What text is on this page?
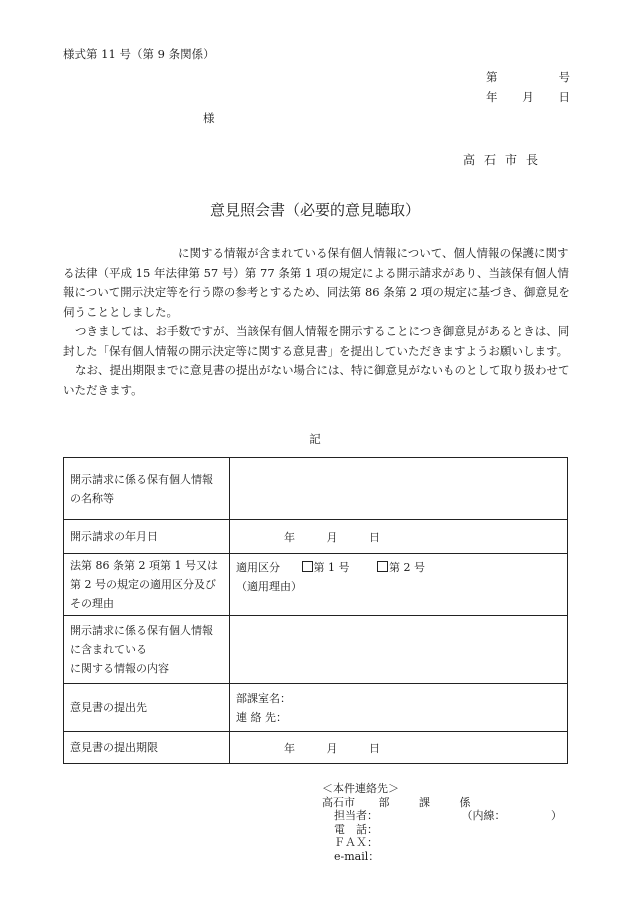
様式第 11 号（第 9 条関係）
第	号
年 月 日
様
高石市長
意見照会書（必要的意見聴取）

に関する情報が含まれている保有個人情報について、個人情報の保護に関する法律（平成 15 年法律第 57 号）第 77 条第 1 項の規定による開示請求があり、当該保有個人情報について開示決定等を行う際の参考とするため、同法第 86 条第 2 項の規定に基づき、御意見を伺うこととしました。

つきましては、お手数ですが、当該保有個人情報を開示することにつき御意見があるときは、同封した「保有個人情報の開示決定等に関する意見書」を提出していただきますようお願いします。

なお、提出期限までに意見書の提出がない場合には、特に御意見がないものとして取り扱わせていただきます。

記
開示請求に係る保有個人情報の名称等	
開示請求の年月日	年 月 日
法第 86 条第 2 項第 1 号又は第 2 号の規定の適用区分及びその理由	適用区分 第 1 号 第 2 号
（適用理由）

開示請求に係る保有個人情報
に含まれている
に関する情報の内容	

意見書の提出先	部課室名：
連 絡 先：

意見書の提出期限	年 月 日
＜本件連絡先＞
高石市 部	課	係
担当者：	（内線：	）
電　話：
ＦＡＸ：
e-mail：
